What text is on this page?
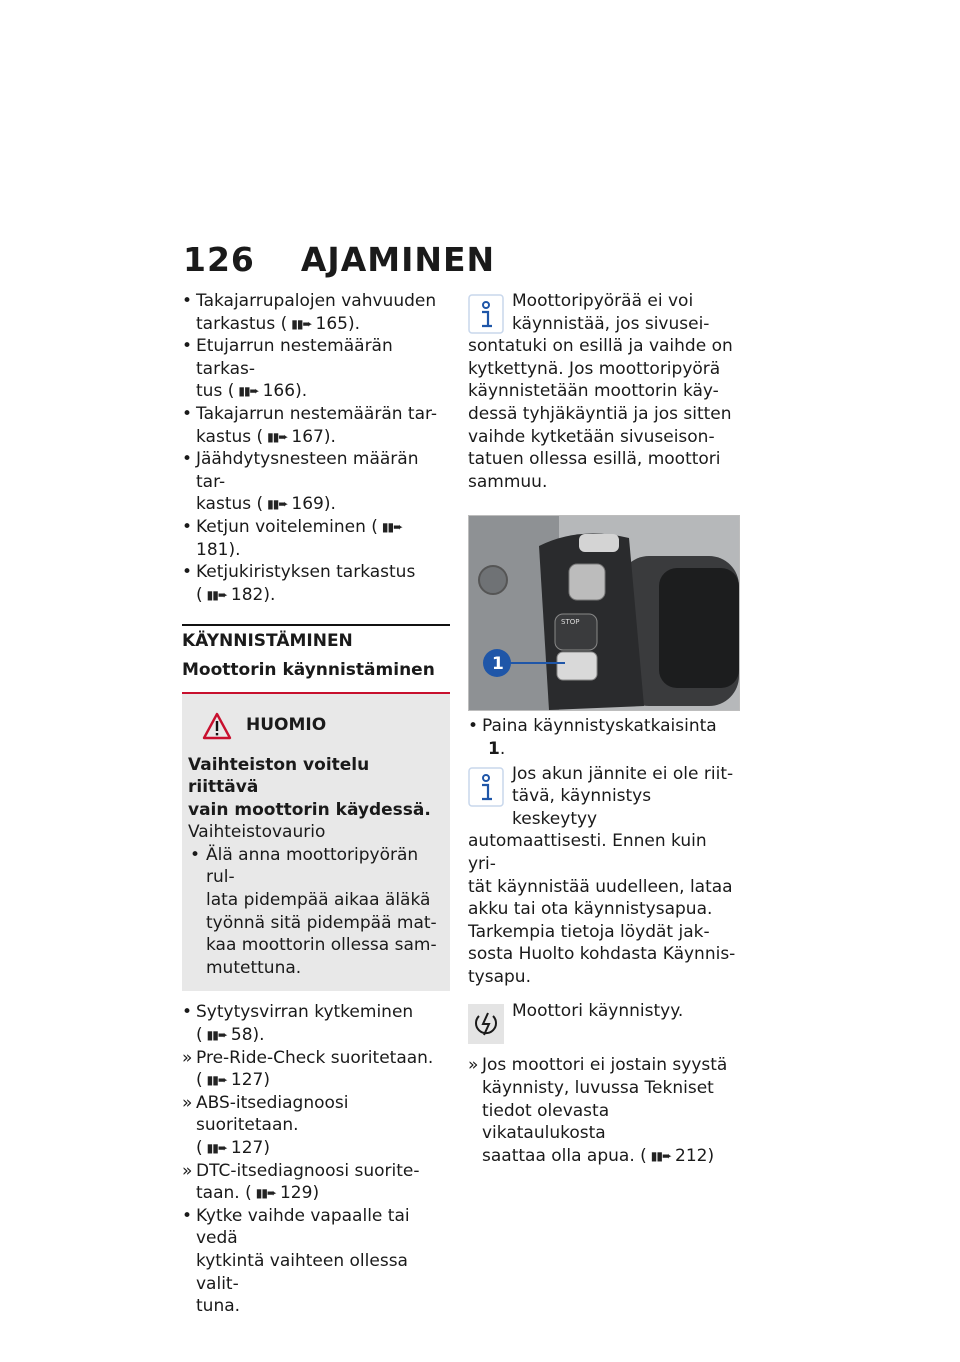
126 AJAMINEN
• Takajarrupalojen vahvuuden
tarkastus ( ▮▮➨ 165).
• Etujarrun nestemäärän tarkas-
tus ( ▮▮➨ 166).
• Takajarrun nestemäärän tar-
kastus ( ▮▮➨ 167).
• Jäähdytysnesteen määrän tar-
kastus ( ▮▮➨ 169).
• Ketjun voiteleminen ( ▮▮➨181).
• Ketjukiristyksen tarkastus
( ▮▮➨ 182).
KÄYNNISTÄMINEN
Moottorin käynnistäminen
HUOMIO
Vaihteiston voitelu riittävä
vain moottorin käydessä.
Vaihteistovaurio
• Älä anna moottoripyörän rul-
lata pidempää aikaa äläkä
työnnä sitä pidempää mat-
kaa moottorin ollessa sam-
mutettuna.
• Sytytysvirran kytkeminen
( ▮▮➨ 58).
» Pre-Ride-Check suoritetaan.
( ▮▮➨ 127)
» ABS-itsediagnoosi suoritetaan.
( ▮▮➨ 127)
» DTC-itsediagnoosi suorite-
taan. ( ▮▮➨ 129)
• Kytke vaihde vapaalle tai vedä
kytkintä vaihteen ollessa valit-
tuna.
Moottoripyörää ei voi
käynnistää, jos sivusei-
sontatuki on esillä ja vaihde on
kytkettynä. Jos moottoripyörä
käynnistetään moottorin käy-
dessä tyhjäkäyntiä ja jos sitten
vaihde kytketään sivuseison-
tatuen ollessa esillä, moottori
sammuu.
STOP
1
• Paina käynnistyskatkaisinta 1.
Jos akun jännite ei ole riit-
tävä, käynnistys keskeytyy
automaattisesti. Ennen kuin yri-
tät käynnistää uudelleen, lataa
akku tai ota käynnistysapua.
Tarkempia tietoja löydät jak-
sosta Huolto kohdasta Käynnis-
tysapu.
Moottori käynnistyy.
» Jos moottori ei jostain syystä
käynnisty, luvussa Tekniset
tiedot olevasta vikataulukosta
saattaa olla apua. ( ▮▮➨ 212)
